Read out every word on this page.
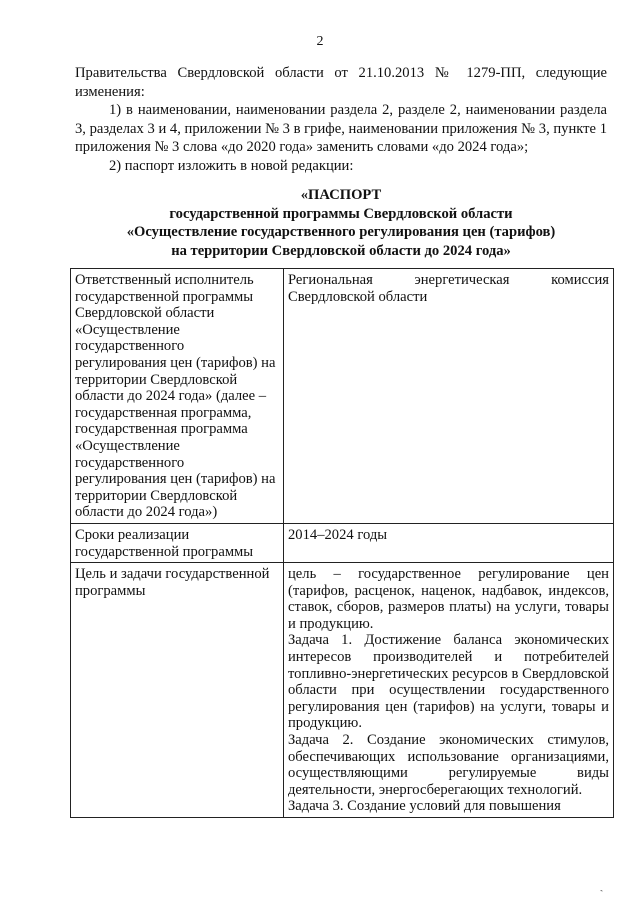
2

Правительства Свердловской области от 21.10.2013 № 1279-ПП, следующие изменения:

1) в наименовании, наименовании раздела 2, разделе 2, наименовании раздела 3, разделах 3 и 4, приложении № 3 в грифе, наименовании приложения № 3, пункте 1 приложения № 3 слова «до 2020 года» заменить словами «до 2024 года»;

2) паспорт изложить в новой редакции:

«ПАСПОРТ
государственной программы Свердловской области
«Осуществление государственного регулирования цен (тарифов)
на территории Свердловской области до 2024 года»
Ответственный исполнитель государственной программы Свердловской области «Осуществление государственного регулирования цен (тарифов) на территории Свердловской области до 2024 года» (далее – государственная программа, государственная программа «Осуществление государственного регулирования цен (тарифов) на территории Свердловской области до 2024 года»)	Региональная энергетическая комиссия Свердловской области
Сроки реализации государственной программы	2014–2024 годы
Цель и задачи государственной программы	цель – государственное регулирование цен (тарифов, расценок, наценок, надбавок, индексов, ставок, сборов, размеров платы) на услуги, товары и продукцию.

Задача 1. Достижение баланса экономических интересов производителей и потребителей топливно-энергетических ресурсов в Свердловской области при осуществлении государственного регулирования цен (тарифов) на услуги, товары и продукцию.

Задача 2. Создание экономических стимулов, обеспечивающих использование организациями, осуществляющими регулируемые виды деятельности, энергосберегающих технологий.

Задача 3. Создание условий для повышения

ˏ
